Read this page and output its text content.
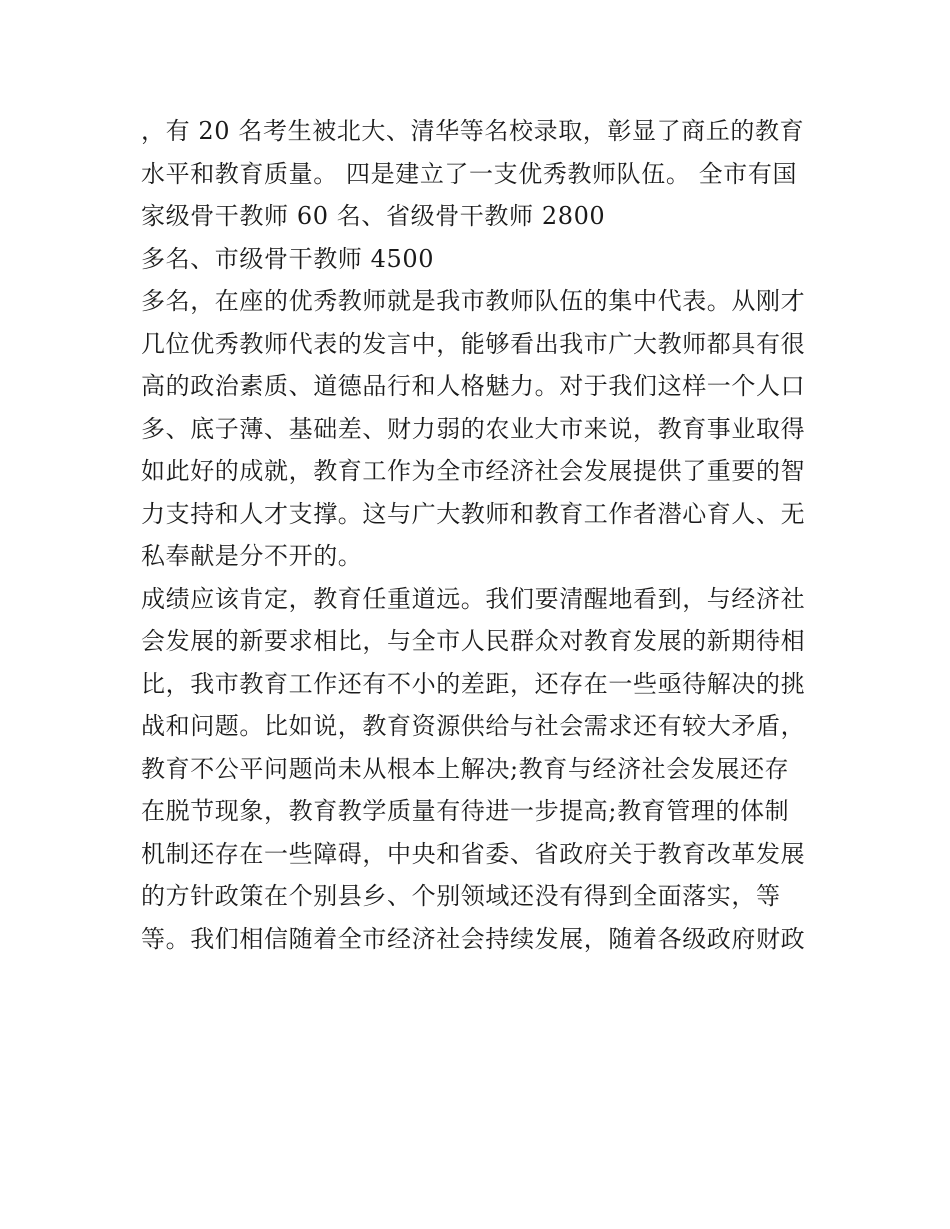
，有 20 名考生被北大、清华等名校录取，彰显了商丘的教育
水平和教育质量。 四是建立了一支优秀教师队伍。 全市有国
家级骨干教师 60 名、省级骨干教师 2800
多名、市级骨干教师 4500
多名，在座的优秀教师就是我市教师队伍的集中代表。从刚才
几位优秀教师代表的发言中，能够看出我市广大教师都具有很
高的政治素质、道德品行和人格魅力。对于我们这样一个人口
多、底子薄、基础差、财力弱的农业大市来说，教育事业取得
如此好的成就，教育工作为全市经济社会发展提供了重要的智
力支持和人才支撑。这与广大教师和教育工作者潜心育人、无
私奉献是分不开的。
成绩应该肯定，教育任重道远。我们要清醒地看到，与经济社
会发展的新要求相比，与全市人民群众对教育发展的新期待相
比，我市教育工作还有不小的差距，还存在一些亟待解决的挑
战和问题。比如说，教育资源供给与社会需求还有较大矛盾，
教育不公平问题尚未从根本上解决;教育与经济社会发展还存
在脱节现象，教育教学质量有待进一步提高;教育管理的体制
机制还存在一些障碍，中央和省委、省政府关于教育改革发展
的方针政策在个别县乡、个别领域还没有得到全面落实，等
等。我们相信随着全市经济社会持续发展，随着各级政府财政
